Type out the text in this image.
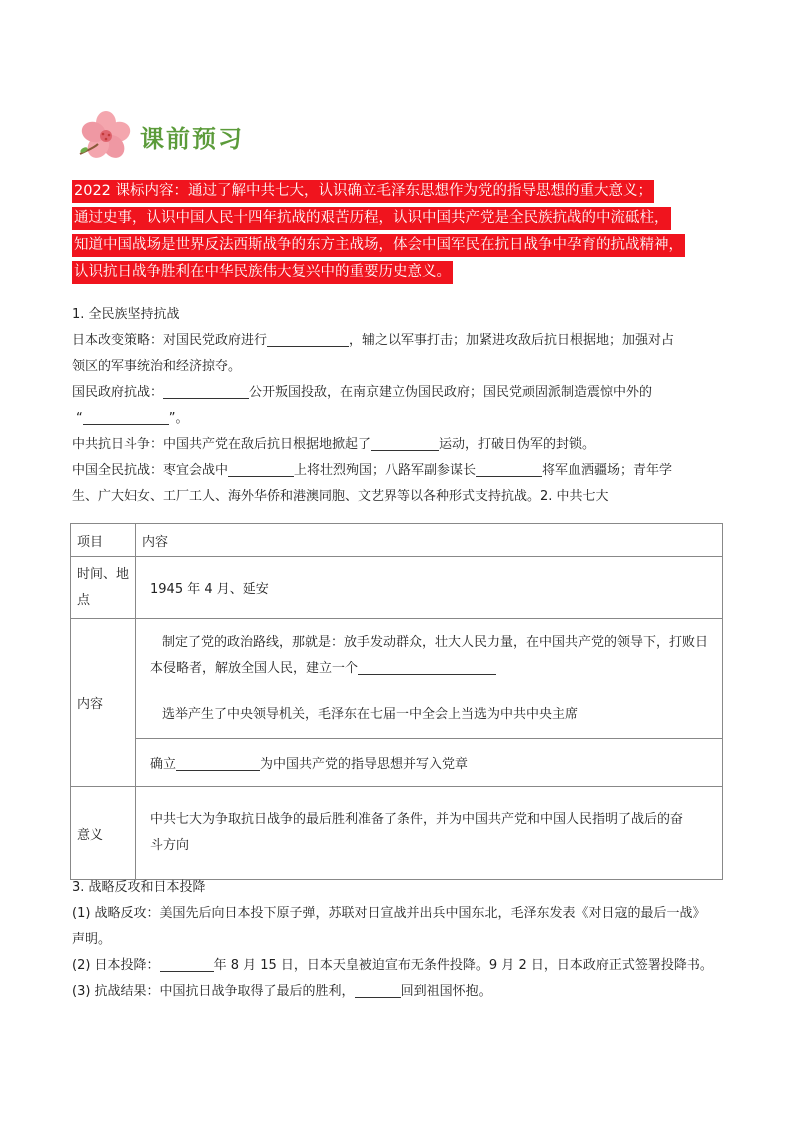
课前预习
2022 课标内容：通过了解中共七大，认识确立毛泽东思想作为党的指导思想的重大意义；
通过史事，认识中国人民十四年抗战的艰苦历程，认识中国共产党是全民族抗战的中流砥柱，
知道中国战场是世界反法西斯战争的东方主战场，体会中国军民在抗日战争中孕育的抗战精神，
认识抗日战争胜利在中华民族伟大复兴中的重要历史意义。
1. 全民族坚持抗战
日本改变策略：对国民党政府进行	，辅之以军事打击；加紧进攻敌后抗日根据地；加强对占
领区的军事统治和经济掠夺。
国民政府抗战：	公开叛国投敌，在南京建立伪国民政府；国民党顽固派制造震惊中外的
“	”。
中共抗日斗争：中国共产党在敌后抗日根据地掀起了	运动，打破日伪军的封锁。
中国全民抗战：枣宜会战中	上将壮烈殉国；八路军副参谋长	将军血洒疆场；青年学
生、广大妇女、工厂工人、海外华侨和港澳同胞、文艺界等以各种形式支持抗战。2. 中共七大
项目	内容

时间、地
点	1945 年 4 月、延安
内容	制定了党的政治路线，那就是：放手发动群众，壮大人民力量，在中国共产党的领导下，打败日
本侵略者，解放全国人民，建立一个
选举产生了中央领导机关，毛泽东在七届一中全会上当选为中共中央主席

	确立 为中国共产党的指导思想并写入党章
意义	中共七大为争取抗日战争的最后胜利准备了条件，并为中国共产党和中国人民指明了战后的奋
斗方向
3. 战略反攻和日本投降
(1) 战略反攻：美国先后向日本投下原子弹，苏联对日宣战并出兵中国东北，毛泽东发表《对日寇的最后一战》
声明。
(2) 日本投降：	年 8 月 15 日，日本天皇被迫宣布无条件投降。9 月 2 日，日本政府正式签署投降书。
(3) 抗战结果：中国抗日战争取得了最后的胜利，	回到祖国怀抱。
